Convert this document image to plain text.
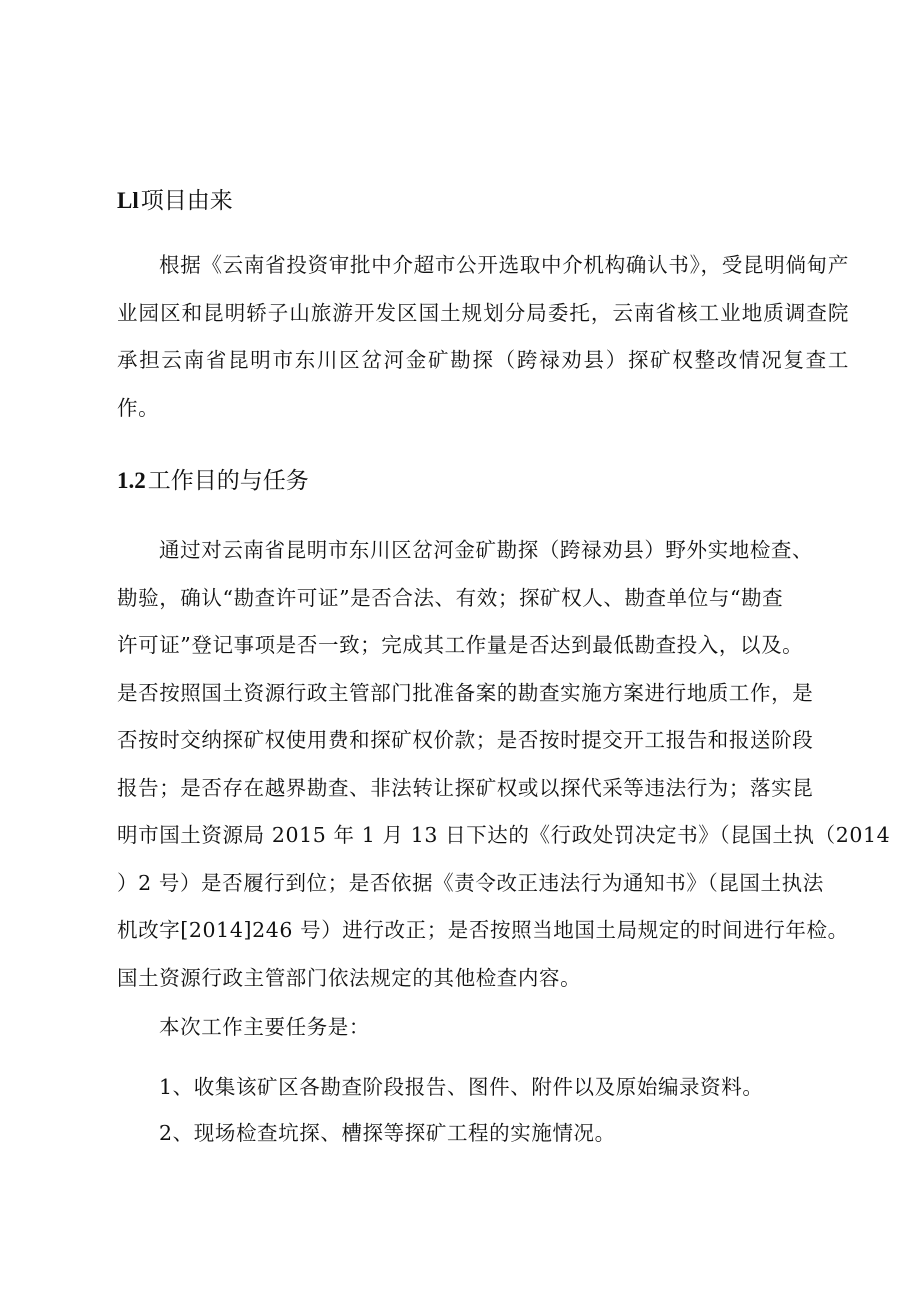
Ll项目由来

根据《云南省投资审批中介超市公开选取中介机构确认书》，受昆明倘甸产业园区和昆明轿子山旅游开发区国土规划分局委托，云南省核工业地质调查院承担云南省昆明市东川区岔河金矿勘探（跨禄劝县）探矿权整改情况复查工作。

1.2工作目的与任务
通过对云南省昆明市东川区岔河金矿勘探（跨禄劝县）野外实地检查、
勘验，确认“勘查许可证”是否合法、有效；探矿权人、勘查单位与“勘查
许可证”登记事项是否一致；完成其工作量是否达到最低勘查投入，以及。
是否按照国土资源行政主管部门批准备案的勘查实施方案进行地质工作，是
否按时交纳探矿权使用费和探矿权价款；是否按时提交开工报告和报送阶段
报告；是否存在越界勘查、非法转让探矿权或以探代采等违法行为；落实昆
明市国土资源局 2015 年 1 月 13 日下达的《行政处罚决定书》（昆国土执（2014
）2 号）是否履行到位；是否依据《责令改正违法行为通知书》（昆国土执法
机改字[2014]246 号）进行改正；是否按照当地国土局规定的时间进行年检。
国土资源行政主管部门依法规定的其他检查内容。
本次工作主要任务是：
1、收集该矿区各勘查阶段报告、图件、附件以及原始编录资料。
2、现场检查坑探、槽探等探矿工程的实施情况。
